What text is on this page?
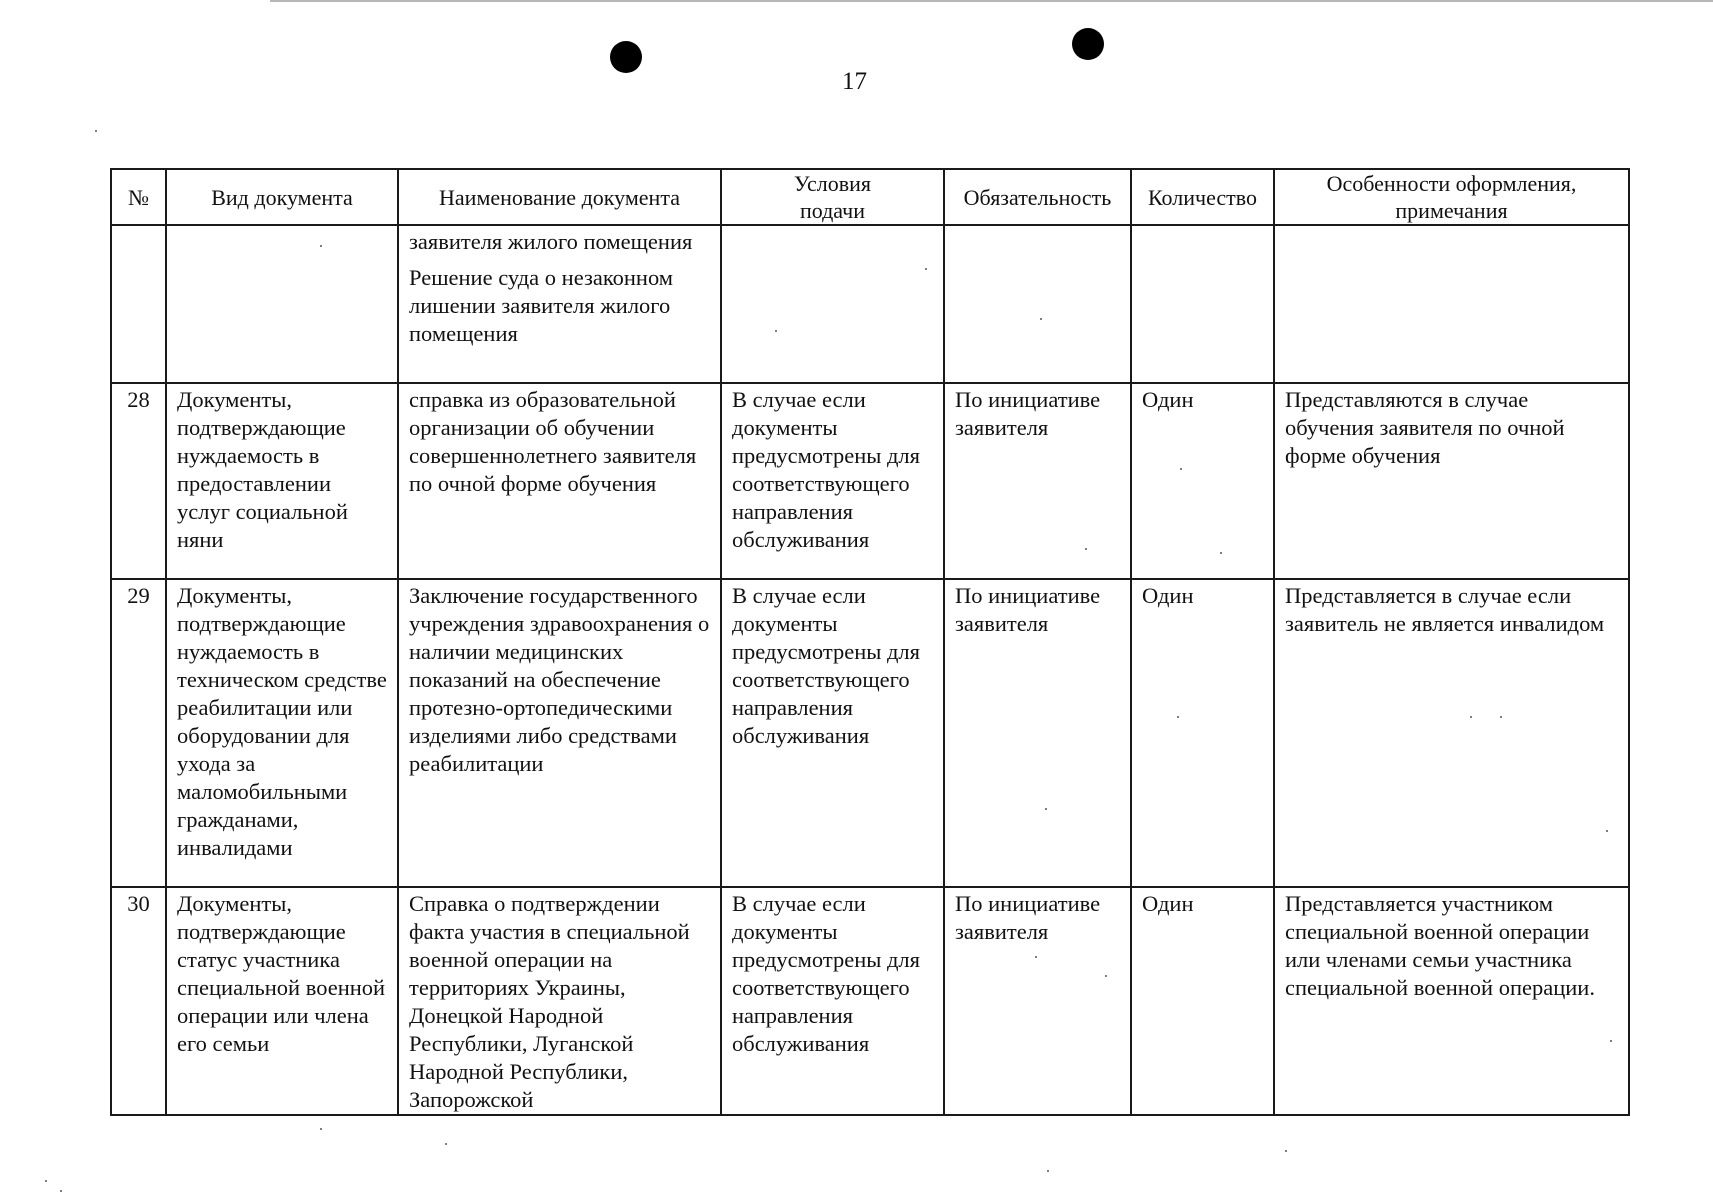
17
№	Вид документа	Наименование документа	Условия подачи	Обязательность	Количество	Особенности оформления, примечания

		заявителя жилого помещения
Решение суда о незаконном лишении заявителя жилого помещения				

28	Документы, подтверждающие нуждаемость в предоставлении услуг социальной няни	справка из образовательной организации об обучении совершеннолетнего заявителя по очной форме обучения	В случае если документы предусмотрены для соответствующего направления обслуживания	По инициативе заявителя	Один	Представляются в случае обучения заявителя по очной форме обучения
29	Документы, подтверждающие нуждаемость в техническом средстве реабилитации или оборудовании для ухода за маломобильными гражданами, инвалидами	Заключение государственного учреждения здравоохранения о наличии медицинских показаний на обеспечение протезно-ортопедическими изделиями либо средствами реабилитации	В случае если документы предусмотрены для соответствующего направления обслуживания	По инициативе заявителя	Один	Представляется в случае если заявитель не является инвалидом
30	Документы, подтверждающие статус участника специальной военной операции или члена его семьи	Справка о подтверждении факта участия в специальной военной операции на территориях Украины, Донецкой Народной Республики, Луганской Народной Республики, Запорожской	В случае если документы предусмотрены для соответствующего направления обслуживания	По инициативе заявителя	Один	Представляется участником специальной военной операции или членами семьи участника специальной военной операции.
